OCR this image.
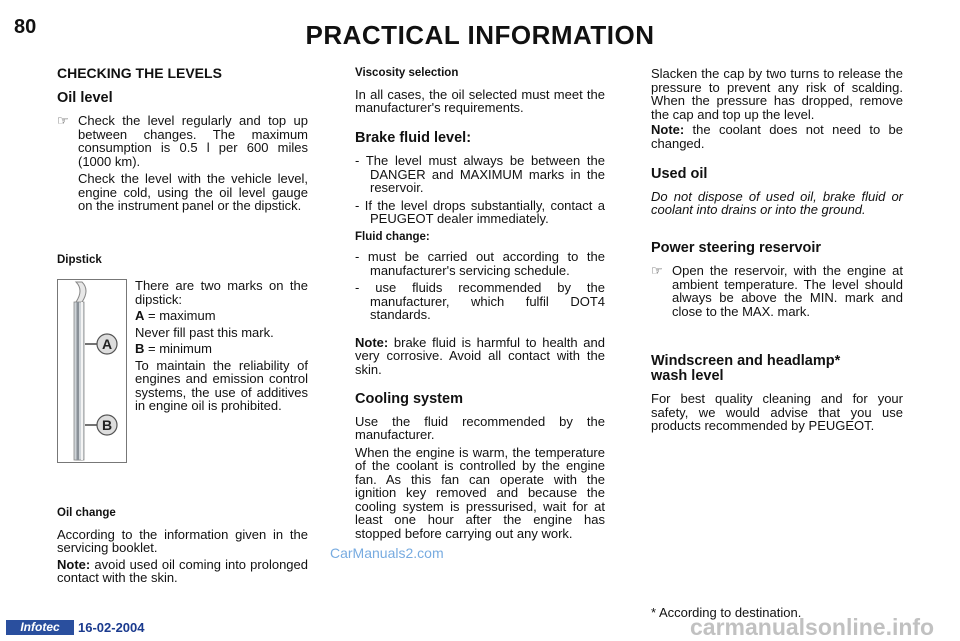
80	PRACTICAL INFORMATION

CHECKING THE LEVELS

Oil level

☞ Check the level regularly and top up between changes. The maximum consumption is 0.5 l per 600 miles (1000 km).

Check the level with the vehicle level, engine cold, using the oil level gauge on the instrument panel or the dipstick.

Dipstick

A
B

There are two marks on the dipstick:

A = maximum

Never fill past this mark.

B = minimum

To maintain the reliability of engines and emission control systems, the use of additives in engine oil is prohibited.

Oil change

According to the information given in the servicing booklet.

Note: avoid used oil coming into prolonged contact with the skin.

Viscosity selection

In all cases, the oil selected must meet the manufacturer's requirements.

Brake fluid level:

- The level must always be between the DANGER and MAXIMUM marks in the reservoir.

- If the level drops substantially, contact a PEUGEOT dealer immediately.

Fluid change:

- must be carried out according to the manufacturer's servicing schedule.

- use fluids recommended by the manufacturer, which fulfil DOT4 standards.

Note: brake fluid is harmful to health and very corrosive. Avoid all contact with the skin.

Cooling system

Use the fluid recommended by the manufacturer.

When the engine is warm, the temperature of the coolant is controlled by the engine fan. As this fan can operate with the ignition key removed and because the cooling system is pressurised, wait for at least one hour after the engine has stopped before carrying out any work.

Slacken the cap by two turns to release the pressure to prevent any risk of scalding. When the pressure has dropped, remove the cap and top up the level.

Note: the coolant does not need to be changed.

Used oil

Do not dispose of used oil, brake fluid or coolant into drains or into the ground.

Power steering reservoir

☞ Open the reservoir, with the engine at ambient temperature. The level should always be above the MIN. mark and close to the MAX. mark.

Windscreen and headlamp*

wash level

For best quality cleaning and for your safety, we would advise that you use products recommended by PEUGEOT.

* According to destination.

Infotec	16-02-2004
CarManuals2.com
carmanualsonline.info
